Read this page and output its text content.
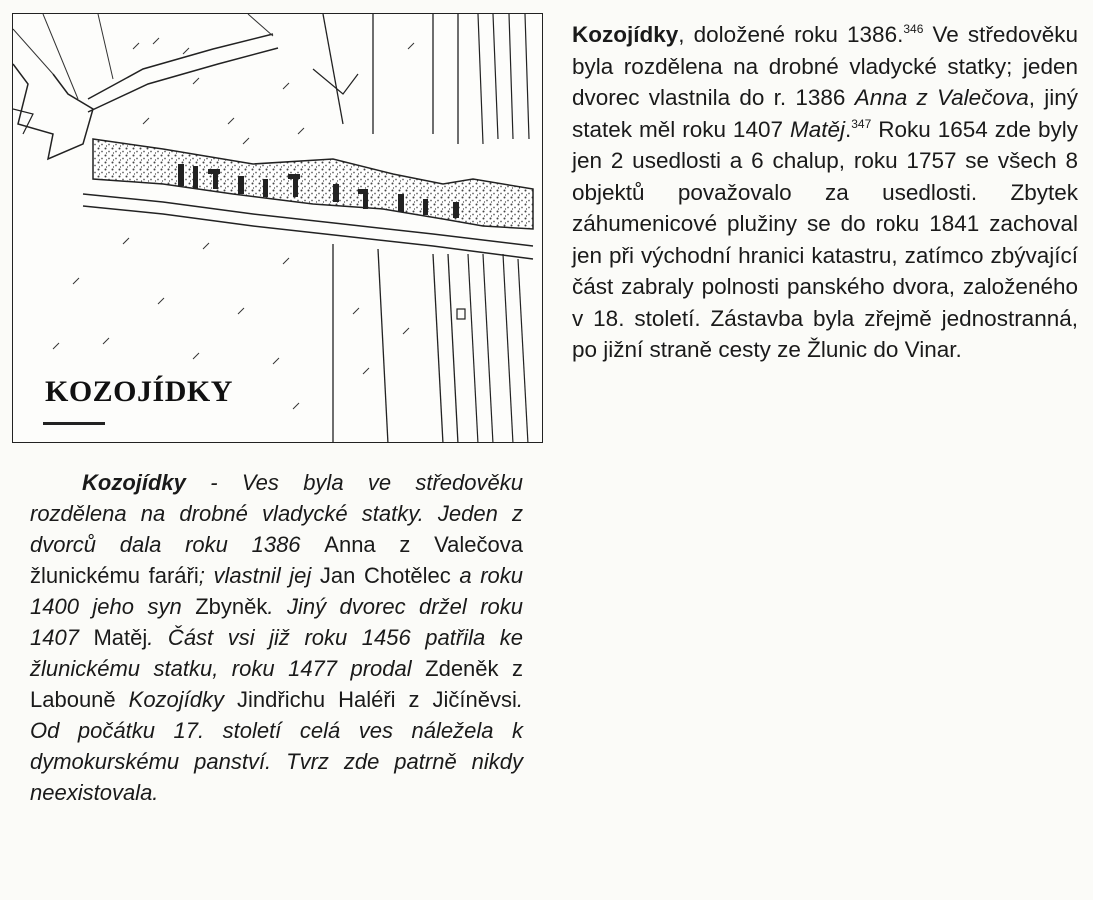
KOZOJÍDKY

Kozojídky, doložené roku 1386.$^{346}$ Ve středověku byla rozdělena na drobné vladycké statky; jeden dvorec vlastnila do r. 1386 Anna z Valečova, jiný statek měl roku 1407 Matěj.$^{347}$ Roku 1654 zde byly jen 2 usedlosti a 6 chalup, roku 1757 se všech 8 objektů považovalo za usedlosti. Zbytek záhumenicové plužiny se do roku 1841 zachoval jen při východní hranici katastru, zatímco zbývající část zabraly polnosti panského dvora, založeného v 18. století. Zástavba byla zřejmě jednostranná, po jižní straně cesty ze Žlunic do Vinar.

Kozojídky - Ves byla ve středověku rozdělena na drobné vladycké statky. Jeden z dvorců dala roku 1386 Anna z Valečova žlunickému faráři; vlastnil jej Jan Chotělec a roku 1400 jeho syn Zbyněk. Jiný dvorec držel roku 1407 Matěj. Část vsi již roku 1456 patřila ke žlunickému statku, roku 1477 prodal Zdeněk z Labouně Kozojídky Jindřichu Haléři z Jičíněvsi. Od počátku 17. století celá ves náležela k dymokurskému panství. Tvrz zde patrně nikdy neexistovala.
